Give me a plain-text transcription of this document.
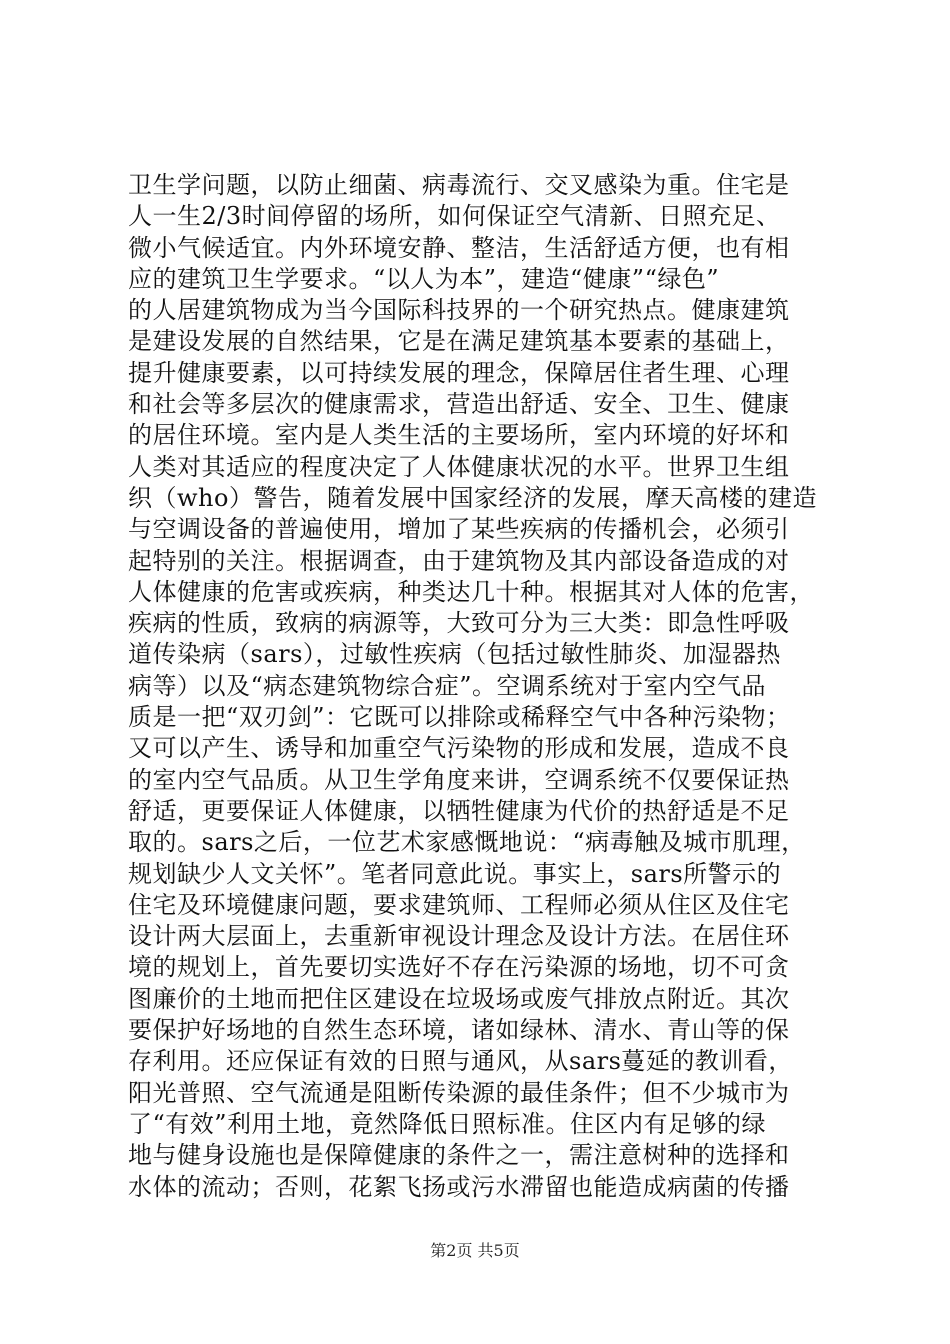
卫生学问题，以防止细菌、病毒流行、交叉感染为重。住宅是
人一生2/3时间停留的场所，如何保证空气清新、日照充足、
微小气候适宜。内外环境安静、整洁，生活舒适方便，也有相
应的建筑卫生学要求。“以人为本”，建造“健康”“绿色”
的人居建筑物成为当今国际科技界的一个研究热点。健康建筑
是建设发展的自然结果，它是在满足建筑基本要素的基础上，
提升健康要素，以可持续发展的理念，保障居住者生理、心理
和社会等多层次的健康需求，营造出舒适、安全、卫生、健康
的居住环境。室内是人类生活的主要场所，室内环境的好坏和
人类对其适应的程度决定了人体健康状况的水平。世界卫生组
织（who）警告，随着发展中国家经济的发展，摩天高楼的建造
与空调设备的普遍使用，增加了某些疾病的传播机会，必须引
起特别的关注。根据调查，由于建筑物及其内部设备造成的对
人体健康的危害或疾病，种类达几十种。根据其对人体的危害，
疾病的性质，致病的病源等，大致可分为三大类：即急性呼吸
道传染病（sars），过敏性疾病（包括过敏性肺炎、加湿器热
病等）以及“病态建筑物综合症”。空调系统对于室内空气品
质是一把“双刃剑”：它既可以排除或稀释空气中各种污染物；
又可以产生、诱导和加重空气污染物的形成和发展，造成不良
的室内空气品质。从卫生学角度来讲，空调系统不仅要保证热
舒适，更要保证人体健康，以牺牲健康为代价的热舒适是不足
取的。sars之后，一位艺术家感慨地说：“病毒触及城市肌理，
规划缺少人文关怀”。笔者同意此说。事实上，sars所警示的
住宅及环境健康问题，要求建筑师、工程师必须从住区及住宅
设计两大层面上，去重新审视设计理念及设计方法。在居住环
境的规划上，首先要切实选好不存在污染源的场地，切不可贪
图廉价的土地而把住区建设在垃圾场或废气排放点附近。其次
要保护好场地的自然生态环境，诸如绿林、清水、青山等的保
存利用。还应保证有效的日照与通风，从sars蔓延的教训看，
阳光普照、空气流通是阻断传染源的最佳条件；但不少城市为
了“有效”利用土地，竟然降低日照标准。住区内有足够的绿
地与健身设施也是保障健康的条件之一，需注意树种的选择和
水体的流动；否则，花絮飞扬或污水滞留也能造成病菌的传播
第2页 共5页
